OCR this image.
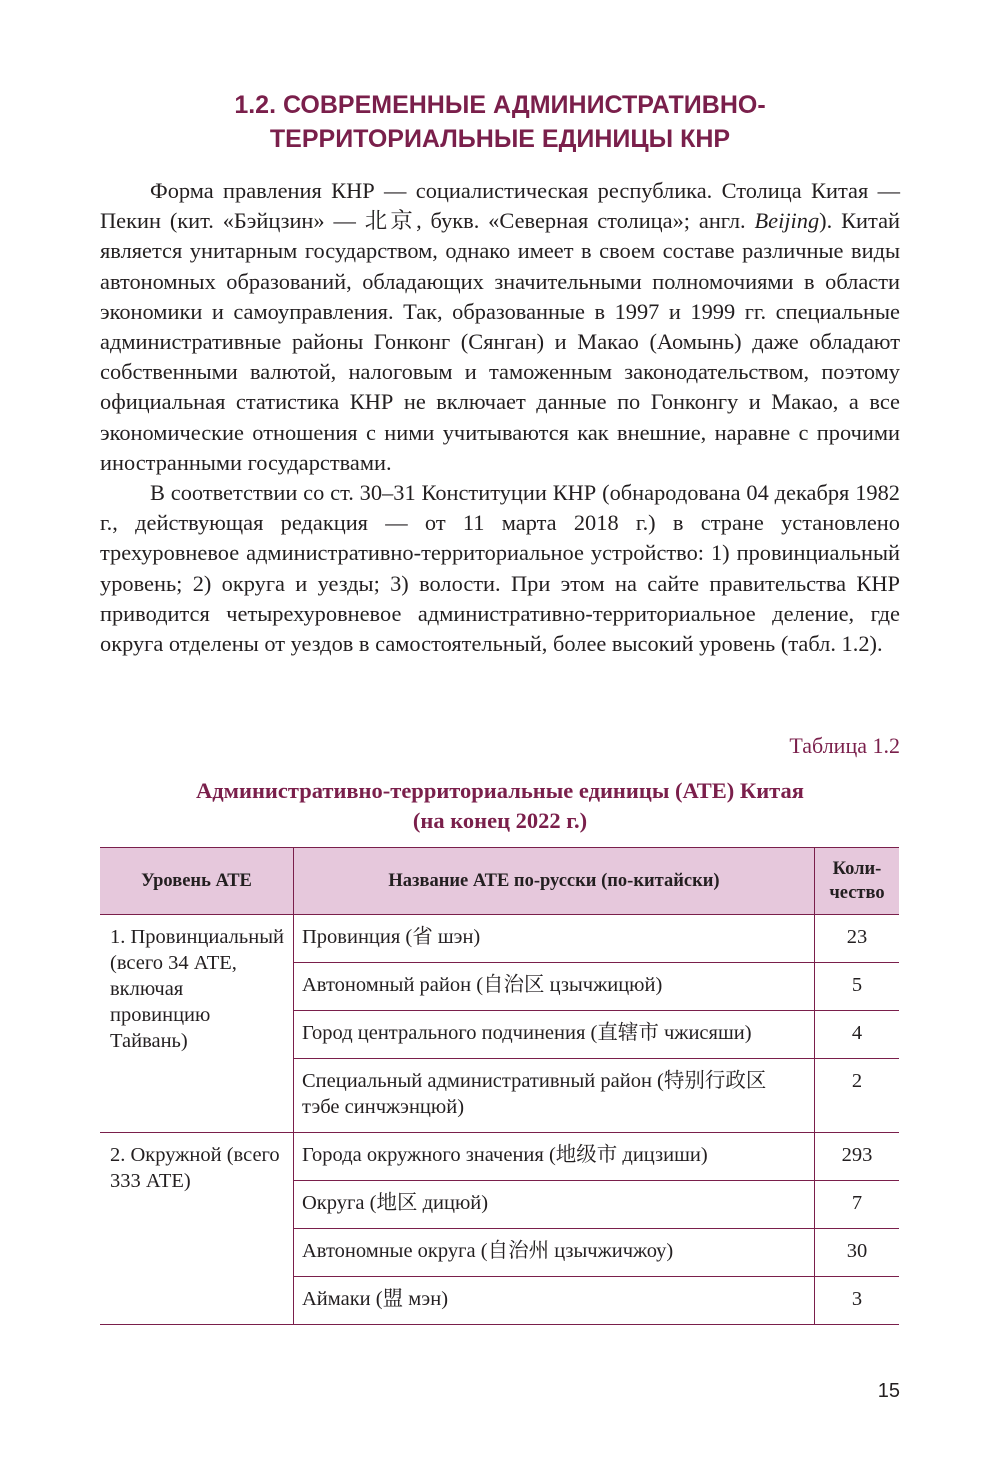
1.2. СОВРЕМЕННЫЕ АДМИНИСТРАТИВНО-
ТЕРРИТОРИАЛЬНЫЕ ЕДИНИЦЫ КНР

Форма правления КНР — социалистическая республика. Столица Китая — Пекин (кит. «Бэйцзин» — 北京, букв. «Северная столица»; англ. Beijing). Китай является унитарным государством, однако имеет в своем составе различные виды автономных образований, обладающих значительными полномочиями в области экономики и самоуправления. Так, образованные в 1997 и 1999 гг. специальные административные районы Гонконг (Сянган) и Макао (Аомынь) даже обладают собственными валютой, налоговым и таможенным законодательством, поэтому официальная статистика КНР не включает данные по Гонконгу и Макао, а все экономические отношения с ними учитываются как внешние, наравне с прочими иностранными государствами.

В соответствии со ст. 30–31 Конституции КНР (обнародована 04 декабря 1982 г., действующая редакция — от 11 марта 2018 г.) в стране установлено трехуровневое административно-территориальное устройство: 1) провинциальный уровень; 2) округа и уезды; 3) волости. При этом на сайте правительства КНР приводится четырехуровневое административно-территориальное деление, где округа отделены от уездов в самостоятельный, более высокий уровень (табл. 1.2).

Таблица 1.2

Административно-территориальные единицы (АТЕ) Китая
(на конец 2022 г.)

Уровень АТЕ	Название АТЕ по-русски (по-китайски)	Коли-
чество
1. Провинциальный (всего 34 АТЕ, включая провинцию Тайвань)	Провинция (省 шэн)	23
	Автономный район (自治区 цзычжицюй)	5
	Город центрального подчинения (直辖市 чжисяши)	4
	Специальный административный район (特别行政区 тэбе синчжэнцюй)	2
2. Окружной (всего 333 АТЕ)	Города окружного значения (地级市 дицзиши)	293
	Округа (地区 дицюй)	7
	Автономные округа (自治州 цзычжичжоу)	30
	Аймаки (盟 мэн)	3

15
